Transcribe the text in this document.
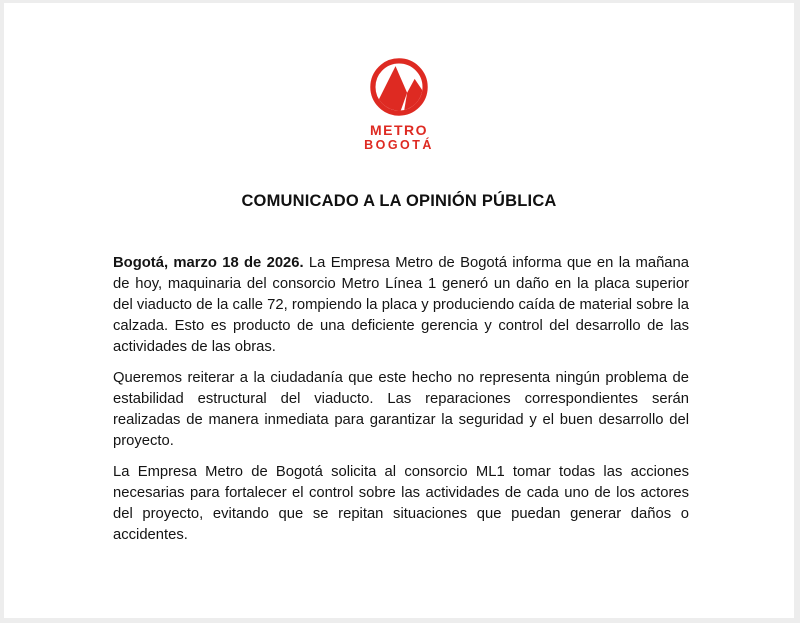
METRO
BOGOTÁ
COMUNICADO A LA OPINIÓN PÚBLICA

Bogotá, marzo 18 de 2026. La Empresa Metro de Bogotá informa que en la mañana de hoy, maquinaria del consorcio Metro Línea 1 generó un daño en la placa superior del viaducto de la calle 72, rompiendo la placa y produciendo caída de material sobre la calzada. Esto es producto de una deficiente gerencia y control del desarrollo de las actividades de las obras.

Queremos reiterar a la ciudadanía que este hecho no representa ningún problema de estabilidad estructural del viaducto. Las reparaciones correspondientes serán realizadas de manera inmediata para garantizar la seguridad y el buen desarrollo del proyecto.

La Empresa Metro de Bogotá solicita al consorcio ML1 tomar todas las acciones necesarias para fortalecer el control sobre las actividades de cada uno de los actores del proyecto, evitando que se repitan situaciones que puedan generar daños o accidentes.
